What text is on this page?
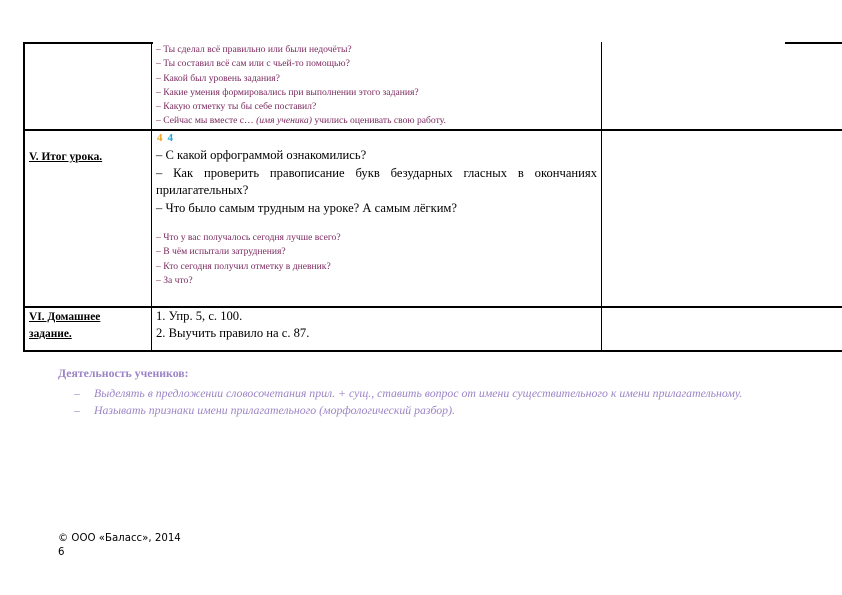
– Ты сделал всё правильно или были недочёты?
– Ты составил всё сам или с чьей-то помощью?
– Какой был уровень задания?
– Какие умения формировались при выполнении этого задания?
– Какую отметку ты бы себе поставил?
– Сейчас мы вместе с… (имя ученика) учились оценивать свою работу.
V. Итог урока.
4 4

– С какой орфограммой ознакомились?

– Как проверить правописание букв безударных гласных в окончаниях прилагательных?

– Что было самым трудным на уроке? А самым лёгким?

– Что у вас получалось сегодня лучше всего?
– В чём испытали затруднения?
– Кто сегодня получил отметку в дневник?
– За что?
VI. Домашнее
задание.
1. Упр. 5, с. 100.
2. Выучить правило на с. 87.
Деятельность учеников:
– Выделять в предложении словосочетания прил. + сущ., ставить вопрос от имени существительного к имени прилагательному.
– Называть признаки имени прилагательного (морфологический разбор).
© ООО «Баласс», 2014
6
